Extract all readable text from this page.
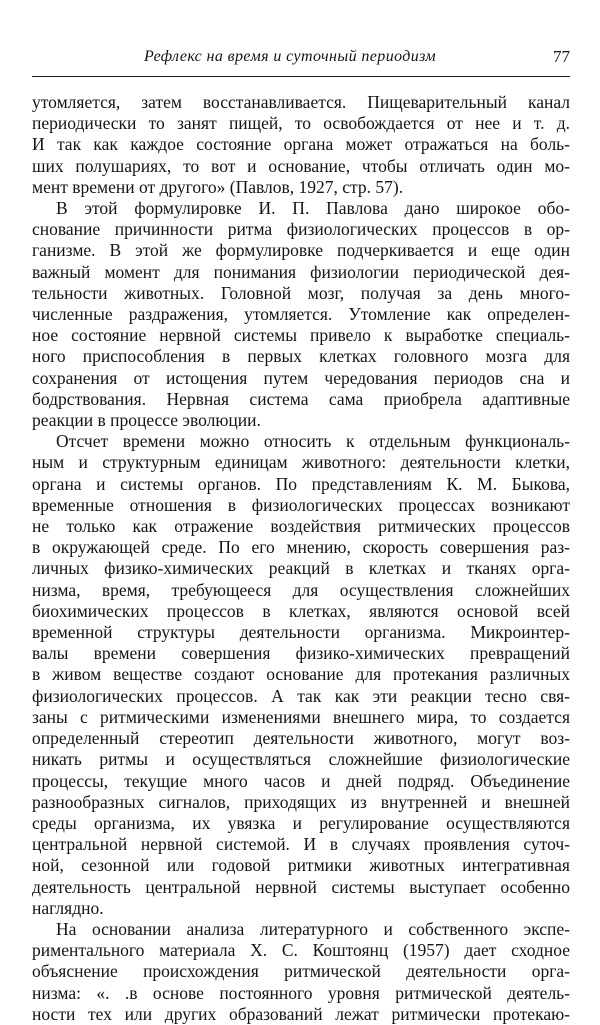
Рефлекс на время и суточный периодизм	77
утомляется, затем восстанавливается. Пищеварительный канал
периодически то занят пищей, то освобождается от нее и т. д.
И так как каждое состояние органа может отражаться на боль-
ших полушариях, то вот и основание, чтобы отличать один мо-
мент времени от другого» (Павлов, 1927, стр. 57).
В этой формулировке И. П. Павлова дано широкое обо-
снование причинности ритма физиологических процессов в ор-
ганизме. В этой же формулировке подчеркивается и еще один
важный момент для понимания физиологии периодической дея-
тельности животных. Головной мозг, получая за день много-
численные раздражения, утомляется. Утомление как определен-
ное состояние нервной системы привело к выработке специаль-
ного приспособления в первых клетках головного мозга для
сохранения от истощения путем чередования периодов сна и
бодрствования. Нервная система сама приобрела адаптивные
реакции в процессе эволюции.
Отсчет времени можно относить к отдельным функциональ-
ным и структурным единицам животного: деятельности клетки,
органа и системы органов. По представлениям К. М. Быкова,
временные отношения в физиологических процессах возникают
не только как отражение воздействия ритмических процессов
в окружающей среде. По его мнению, скорость совершения раз-
личных физико-химических реакций в клетках и тканях орга-
низма, время, требующееся для осуществления сложнейших
биохимических процессов в клетках, являются основой всей
временной структуры деятельности организма. Микроинтер-
валы времени совершения физико-химических превращений
в живом веществе создают основание для протекания различных
физиологических процессов. А так как эти реакции тесно свя-
заны с ритмическими изменениями внешнего мира, то создается
определенный стереотип деятельности животного, могут воз-
никать ритмы и осуществляться сложнейшие физиологические
процессы, текущие много часов и дней подряд. Объединение
разнообразных сигналов, приходящих из внутренней и внешней
среды организма, их увязка и регулирование осуществляются
центральной нервной системой. И в случаях проявления суточ-
ной, сезонной или годовой ритмики животных интегративная
деятельность центральной нервной системы выступает особенно
наглядно.
На основании анализа литературного и собственного экспе-
риментального материала Х. С. Коштоянц (1957) дает сходное
объяснение происхождения ритмической деятельности орга-
низма: «. .в основе постоянного уровня ритмической деятель-
ности тех или других образований лежат ритмически протекаю-
